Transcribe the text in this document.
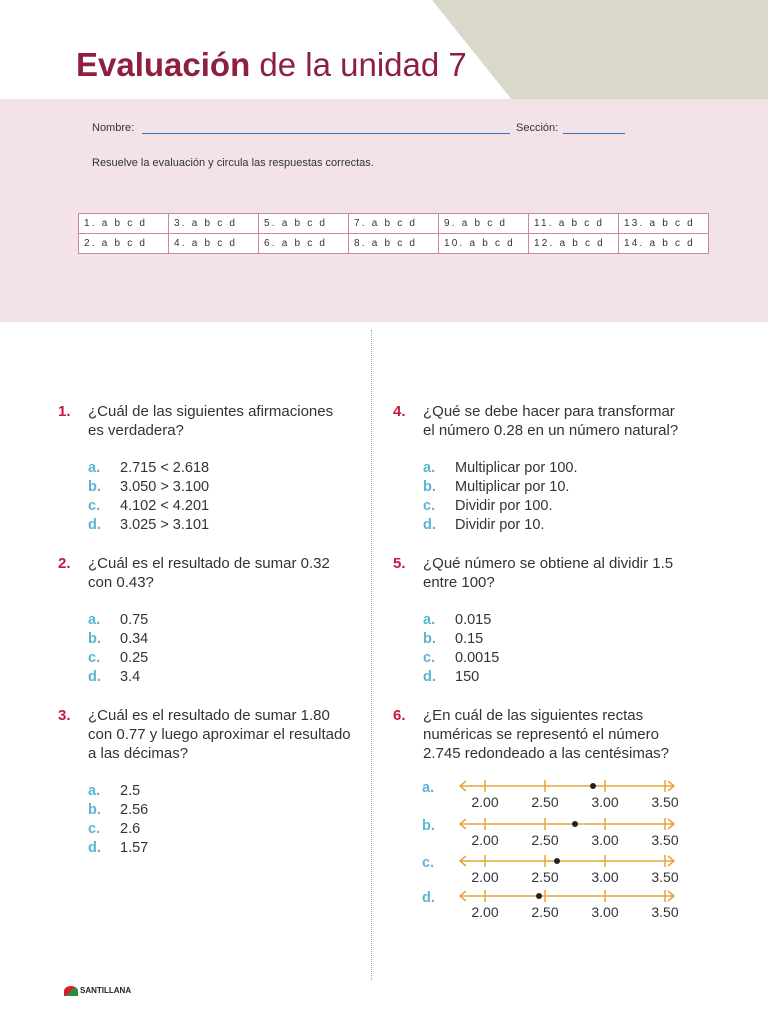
Evaluación de la unidad 7
Nombre:	Sección:
Resuelve la evaluación y circula las respuestas correctas.
1. a b c d	3. a b c d	5. a b c d	7. a b c d	9. a b c d	11. a b c d	13. a b c d
2. a b c d	4. a b c d	6. a b c d	8. a b c d	10. a b c d	12. a b c d	14. a b c d
1. ¿Cuál de las siguientes afirmaciones es verdadera?
a. 2.715 < 2.618
b. 3.050 > 3.100
c. 4.102 < 4.201
d. 3.025 > 3.101
2. ¿Cuál es el resultado de sumar 0.32 con 0.43?
a. 0.75
b. 0.34
c. 0.25
d. 3.4
3. ¿Cuál es el resultado de sumar 1.80 con 0.77 y luego aproximar el resultado a las décimas?
a. 2.5
b. 2.56
c. 2.6
d. 1.57
4. ¿Qué se debe hacer para transformar el número 0.28 en un número natural?
a. Multiplicar por 100.
b. Multiplicar por 10.
c. Dividir por 100.
d. Dividir por 10.
5. ¿Qué número se obtiene al dividir 1.5 entre 100?
a. 0.015
b. 0.15
c. 0.0015
d. 150
6. ¿En cuál de las siguientes rectas numéricas se representó el número 2.745 redondeado a las centésimas?
a.
2.00 2.50 3.00 3.50
b.
2.00 2.50 3.00 3.50
c.
2.00 2.50 3.00 3.50
d.
2.00 2.50 3.00 3.50
SANTILLANA
